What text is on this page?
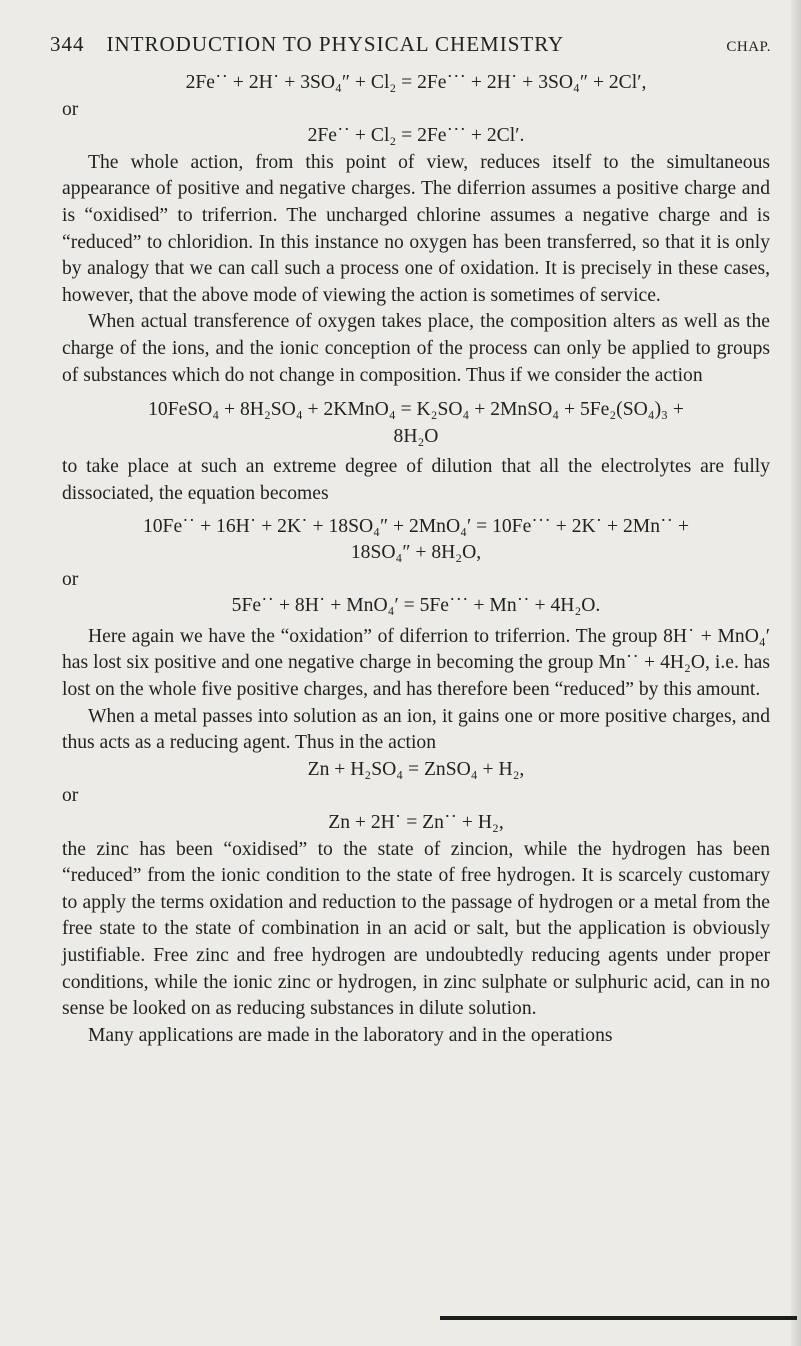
344 INTRODUCTION TO PHYSICAL CHEMISTRY	CHAP.
2Fe˙˙ + 2H˙ + 3SO₄″ + Cl₂ = 2Fe˙˙˙ + 2H˙ + 3SO₄″ + 2Cl′,
or
2Fe˙˙ + Cl₂ = 2Fe˙˙˙ + 2Cl′.

The whole action, from this point of view, reduces itself to the simultaneous appearance of positive and negative charges. The diferrion assumes a positive charge and is “oxidised” to triferrion. The uncharged chlorine assumes a negative charge and is “reduced” to chloridion. In this instance no oxygen has been transferred, so that it is only by analogy that we can call such a process one of oxidation. It is precisely in these cases, however, that the above mode of viewing the action is sometimes of service.

When actual transference of oxygen takes place, the composition alters as well as the charge of the ions, and the ionic conception of the process can only be applied to groups of substances which do not change in composition. Thus if we consider the action

10FeSO₄ + 8H₂SO₄ + 2KMnO₄ = K₂SO₄ + 2MnSO₄ + 5Fe₂(SO₄)₃ +
8H₂O

to take place at such an extreme degree of dilution that all the electrolytes are fully dissociated, the equation becomes

10Fe˙˙ + 16H˙ + 2K˙ + 18SO₄″ + 2MnO₄′ = 10Fe˙˙˙ + 2K˙ + 2Mn˙˙ +
18SO₄″ + 8H₂O,
or
5Fe˙˙ + 8H˙ + MnO₄′ = 5Fe˙˙˙ + Mn˙˙ + 4H₂O.

Here again we have the “oxidation” of diferrion to triferrion. The group 8H˙ + MnO₄′ has lost six positive and one negative charge in becoming the group Mn˙˙ + 4H₂O, i.e. has lost on the whole five positive charges, and has therefore been “reduced” by this amount.

When a metal passes into solution as an ion, it gains one or more positive charges, and thus acts as a reducing agent. Thus in the action

Zn + H₂SO₄ = ZnSO₄ + H₂,
or
Zn + 2H˙ = Zn˙˙ + H₂,

the zinc has been “oxidised” to the state of zincion, while the hydrogen has been “reduced” from the ionic condition to the state of free hydrogen. It is scarcely customary to apply the terms oxidation and reduction to the passage of hydrogen or a metal from the free state to the state of combination in an acid or salt, but the application is obviously justifiable. Free zinc and free hydrogen are undoubtedly reducing agents under proper conditions, while the ionic zinc or hydrogen, in zinc sulphate or sulphuric acid, can in no sense be looked on as reducing substances in dilute solution.

Many applications are made in the laboratory and in the operations
